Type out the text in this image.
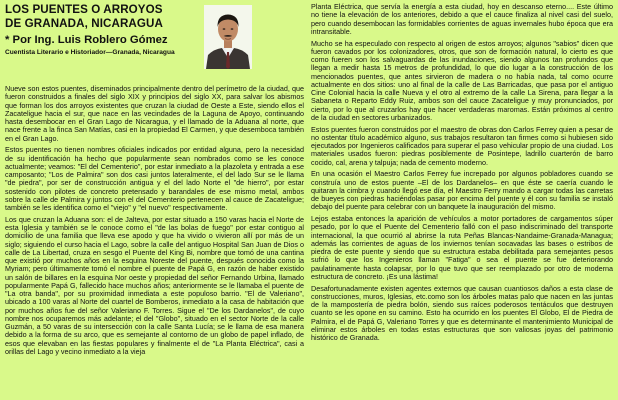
LOS PUENTES O ARROYOS
DE GRANADA, NICARAGUA
* Por Ing. Luis Roblero Gómez
Cuentista Literario e Historiador—Granada, Nicaragua

Nueve son estos puentes, diseminados principalmente dentro del perímetro de la ciudad, que fueron construidos a finales del siglo XIX y principios del siglo XX, para salvar los abismos que forman los dos arroyos existentes que cruzan la ciudad de Oeste a Este, siendo ellos el Zacateligue hacia el sur, que nace en las vecindades de la Laguna de Apoyo, continuando hasta desembocar en el Gran Lago de Nicaragua, y el llamado de la Aduana al norte, que nace frente a la finca San Matías, casi en la propiedad El Carmen, y que desemboca también en el Gran Lago.

Estos puentes no tienen nombres oficiales indicados por entidad alguna, pero la necesidad de su identificación ha hecho que popularmente sean nombrados como se les conoce actualmente; veamos: "El del Cementerio", por estar inmediato a la plazoleta y entrada a ese camposanto; "Los de Palmira" son dos casi juntos lateralmente, el del lado Sur se le llama "de piedra", por ser de construcción antigua y el del lado Norte el "de hierro", por estar sostenido con pilotes de concreto pretensado y barandales de ese mismo metal, ambos sobre la calle de Palmira y juntos con el del Cementerio pertenecen al cauce de Zacateligue; también se les identifica como el "viejo" y "el nuevo" respectivamente.

Los que cruzan la Aduana son: el de Jalteva, por estar situado a 150 varas hacia el Norte de esta Iglesia y también se le conoce como el "de las bolas de fuego" por estar contiguo al domicilio de una familia que lleva ese apodo y que ha vivido o vivieron allí por más de un siglo; siguiendo el curso hacia el Lago, sobre la calle del antiguo Hospital San Juan de Dios o calle de La Libertad, cruza en sesgo el Puente del King Bi, nombre que tomó de una cantina que existió por muchos años en la esquina Noreste del puente, después conocida como la Myriam; pero últimamente tomó el nombre el puente de Papá G, en razón de haber existido un salón de billares en la esquina Nor oeste y propiedad del señor Fernando Urbina, llamado popularmente Papá G, fallecido hace muchos años; anteriormente se le llamaba el puente de "La otra banda", por su proximidad inmediata a este populoso barrio. "El de Valeriano", ubicado a 100 varas al Norte del cuartel de Bomberos, inmediato a la casa de habitación que por muchos años fue del señor Valeriano F. Torres. Sigue el "De los Dardanelos", de cuyo nombre nos ocuparemos más adelante; el del "Globo", situado en el sector Norte de la calle Guzmán, a 50 varas de su intersección con la calle Santa Lucía; se le llama de esa manera debido a la forma de su arco, que es semejante al contorno de un globo de papel inflado, de esos que elevaban en las fiestas populares y finalmente el de "La Planta Eléctrica", casi a orillas del Lago y vecino inmediato a la vieja

Planta Eléctrica, que servía la energía a esta ciudad, hoy en descanso eterno.... Este último no tiene la elevación de los anteriores, debido a que el cauce finaliza al nivel casi del suelo, pero cuando desembocan las formidables corrientes de aguas invernales hubo época que era intransitable.

Mucho se ha especulado con respecto al origen de estos arroyos; algunos "sabios" dicen que fueron cavados por los colonizadores, otros, que son de formación natural, lo cierto es que como fueren son los salvaguardas de las inundaciones, siendo algunos tan profundos que llegan a medir hasta 15 metros de profundidad, lo que dio lugar a la construcción de los mencionados puentes, que antes sirvieron de madera o no había nada, tal como ocurre actualmente en dos sitios: uno al final de la calle de Las Barricadas, que pasa por el antiguo Cine Colonial hacia la calle Nueva y el otro al extremo de la calle La Sirena, para llegar a la Sabaneta o Reparto Eddy Ruiz, ambos son del cauce Zacateligue y muy pronunciados, por cierto, por lo que al cruzarlos hay que hacer verdaderas maromas. Están próximos al centro de la ciudad en sectores urbanizados.

Estos puentes fueron construidos por el maestro de obras don Carlos Ferrey quien a pesar de no ostentar título académico alguno, sus trabajos resultaron tan firmes como si hubiesen sido ejecutados por Ingenieros calificados para superar el paso vehicular propio de una ciudad. Los materiales usados fueron: piedras posiblemente de Posintepe, ladrillo cuarterón de barro cocido, cal, arena y talpuja; nada de cemento moderno.

En una ocasión el Maestro Carlos Ferrey fue increpado por algunos pobladores cuando se construía uno de estos puente –El de los Dardanelos– en que éste se caería cuando le quitaran la cimbra y cuando llegó ese día, el Maestro Ferry mando a cargar todas las carretas de bueyes con piedras haciéndolas pasar por encima del puente y él con su familia se instaló debajo del puente para celebrar con un banquete la inauguración del mismo.

Lejos estaba entonces la aparición de vehículos a motor portadores de cargamentos súper pesado, por lo que el Puente del Cementerio falló con el paso indiscriminado del transporte internacional, la que ocurrió al abrirse la ruta Peñas Blancas-Nandaime-Granada-Managua; además las corrientes de aguas de los inviernos tenían socavadas las bases o estribos de piedra de este puente y siendo que su estructura estaba debilitada para semejantes pesos sufrió lo que los Ingenieros llaman "Fatiga" o sea el puente se fue deteriorando paulatinamente hasta colapsar, por lo que tuvo que ser reemplazado por otro de moderna estructura de concreto. ¡Es una lástima!

Desafortunadamente existen agentes externos que causan cuantiosos daños a esta clase de construcciones, muros, Iglesias, etc.como son los árboles matas palo que nacen en las juntas de la mampostería de piedra bolón, siendo sus raíces poderosos tentáculos que destruyen cuanto se les opone en su camino. Esto ha ocurrido en los puentes El Globo, El de Piedra de Palmira, el de Papá G, Valeriano Torres y que es determinante el mantenimiento Municipal de eliminar estos árboles en todas estas estructuras que son valiosas joyas del patrimonio histórico de Granada.
